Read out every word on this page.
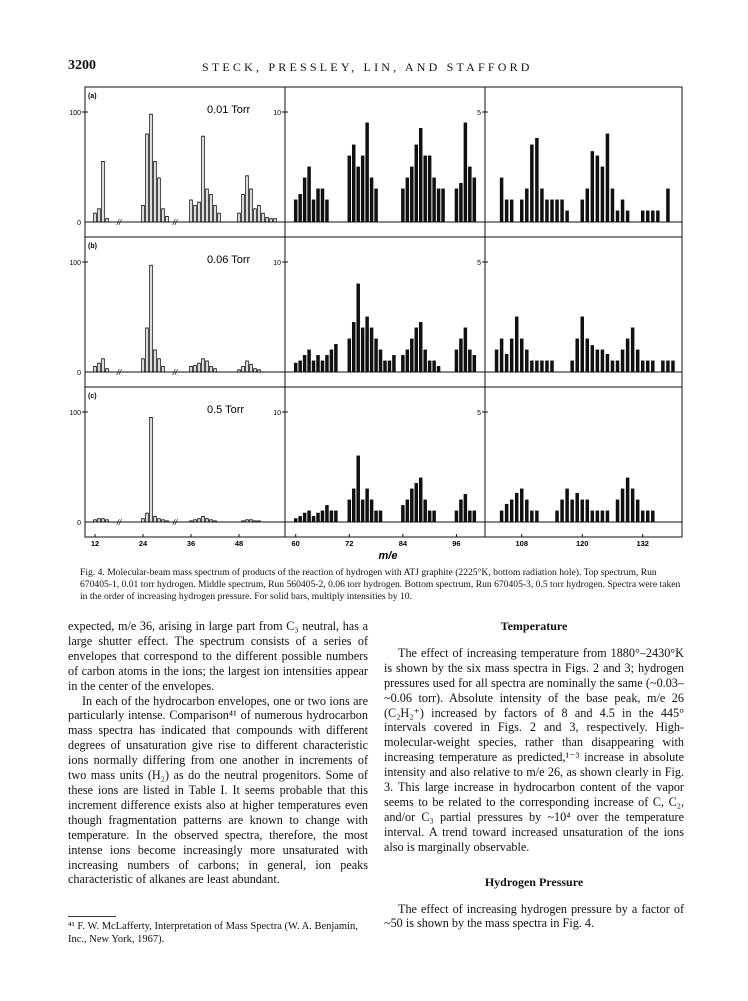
3200	STECK, PRESSLEY, LIN, AND STAFFORD
(a)
0.01 Torr
100	10	5
0	//	//
(b)
0.06 Torr
100	10	5
0	//	//
(c)
0.5 Torr
100	10	5
0	//	//
12	24	36	48	60	72	84	96	108	120	132
m/e
Fig. 4. Molecular-beam mass spectrum of products of the reaction of hydrogen with ATJ graphite (2225°K, bottom radiation hole). Top spectrum, Run 670405-1, 0.01 torr hydrogen. Middle spectrum, Run 560405-2, 0.06 torr hydrogen. Bottom spectrum, Run 670405-3, 0.5 torr hydrogen. Spectra were taken in the order of increasing hydrogen pressure. For solid bars, multiply intensities by 10.

expected, m/e 36, arising in large part from C₃ neutral, has a large shutter effect. The spectrum consists of a series of envelopes that correspond to the different possible numbers of carbon atoms in the ions; the largest ion intensities appear in the center of the envelopes.

In each of the hydrocarbon envelopes, one or two ions are particularly intense. Comparison⁴¹ of numerous hydrocarbon mass spectra has indicated that compounds with different degrees of unsaturation give rise to different characteristic ions normally differing from one another in increments of two mass units (H₂) as do the neutral progenitors. Some of these ions are listed in Table I. It seems probable that this increment difference exists also at higher temperatures even though fragmentation patterns are known to change with temperature. In the observed spectra, therefore, the most intense ions become increasingly more unsaturated with increasing numbers of carbons; in general, ion peaks characteristic of alkanes are least abundant.

⁴¹ F. W. McLafferty, Interpretation of Mass Spectra (W. A. Benjamin, Inc., New York, 1967).

Temperature

The effect of increasing temperature from 1880°–2430°K is shown by the six mass spectra in Figs. 2 and 3; hydrogen pressures used for all spectra are nominally the same (~0.03–~0.06 torr). Absolute intensity of the base peak, m/e 26 (C₂H₂⁺) increased by factors of 8 and 4.5 in the 445° intervals covered in Figs. 2 and 3, respectively. High-molecular-weight species, rather than disappearing with increasing temperature as predicted,¹⁻³ increase in absolute intensity and also relative to m/e 26, as shown clearly in Fig. 3. This large increase in hydrocarbon content of the vapor seems to be related to the corresponding increase of C, C₂, and/or C₃ partial pressures by ~10⁴ over the temperature interval. A trend toward increased unsaturation of the ions also is marginally observable.

Hydrogen Pressure

The effect of increasing hydrogen pressure by a factor of ~50 is shown by the mass spectra in Fig. 4.
